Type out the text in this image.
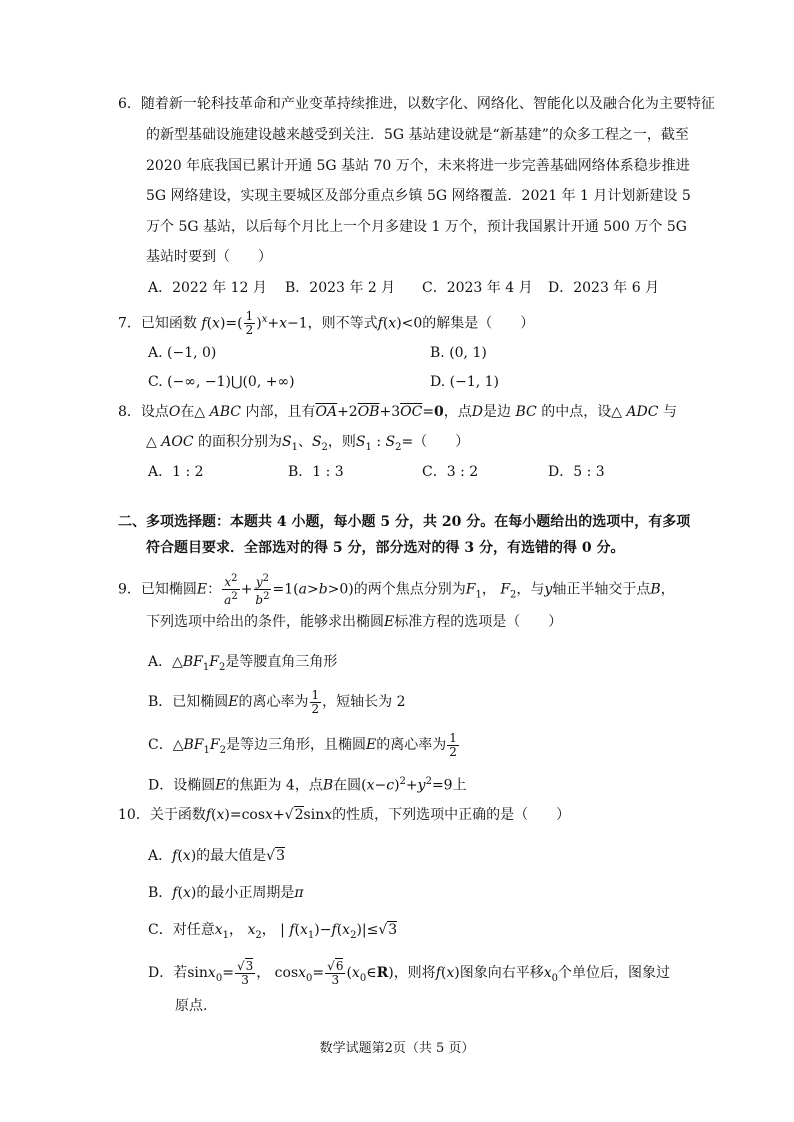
6．随着新一轮科技革命和产业变革持续推进，以数字化、网络化、智能化以及融合化为主要特征
的新型基础设施建设越来越受到关注．5G 基站建设就是“新基建”的众多工程之一，截至
2020 年底我国已累计开通 5G 基站 70 万个，未来将进一步完善基础网络体系稳步推进
5G 网络建设，实现主要城区及部分重点乡镇 5G 网络覆盖．2021 年 1 月计划新建设 5
万个 5G 基站，以后每个月比上一个月多建设 1 万个，预计我国累计开通 500 万个 5G
基站时要到（　　）
A．2022 年 12 月 B．2023 年 2 月 C．2023 年 4 月 D．2023 年 6 月
7．已知函数 $f(x)=( \frac{1}{2} )^x+x-1$，则不等式f(x)<0的解集是（　　）
A. (−1, 0)	B. (0, 1)
C. (−∞, −1)⋃(0, +∞)	D. (−1, 1)
8．设点O在△ ABC 内部，且有$\overline{OA}+2\overline{OB}+3\overline{OC}=0$，点D是边 BC 的中点，设△ ADC 与
△ AOC 的面积分别为$S_1$、$S_2$，则$S_1$ : $S_2=$（　　）
A．1 : 2	B．1 : 3	C．3 : 2	D．5 : 3
二、多项选择题：本题共 4 小题，每小题 5 分，共 20 分。在每小题给出的选项中，有多项
符合题目要求．全部选对的得 5 分，部分选对的得 3 分，有选错的得 0 分。
9．已知椭圆E： $\frac{x^2}{a^2} + \frac{y^2}{b^2} =1(a>b>0)$的两个焦点分别为$F_1$， $F_2$，与y轴正半轴交于点B，
下列选项中给出的条件，能够求出椭圆E标准方程的选项是（　　）
A．$\triangle BF_1F_2$是等腰直角三角形
B．已知椭圆E的离心率为 $\frac{1}{2}$ ，短轴长为 2
C．$\triangle BF_1F_2$是等边三角形，且椭圆E的离心率为 $\frac{1}{2}$
D．设椭圆E的焦距为 4，点B在圆$(x-c)^2+y^2=9$上
10．关于函数f(x)=cosx+√2sinx的性质，下列选项中正确的是（　　）
A．f(x)的最大值是√3
B．f(x)的最小正周期是π
C．对任意$x_1$， $x_2$， | $f(x_1)-f(x_2)|\le√3$
D．若$\sin x_0= \frac{√3}{3}$ ， $\cos x_0= \frac{√6}{3}$ $(x_0\in R)$，则将f(x)图象向右平移$x_0$个单位后，图象过
原点.
数学试题第2页（共 5 页）
